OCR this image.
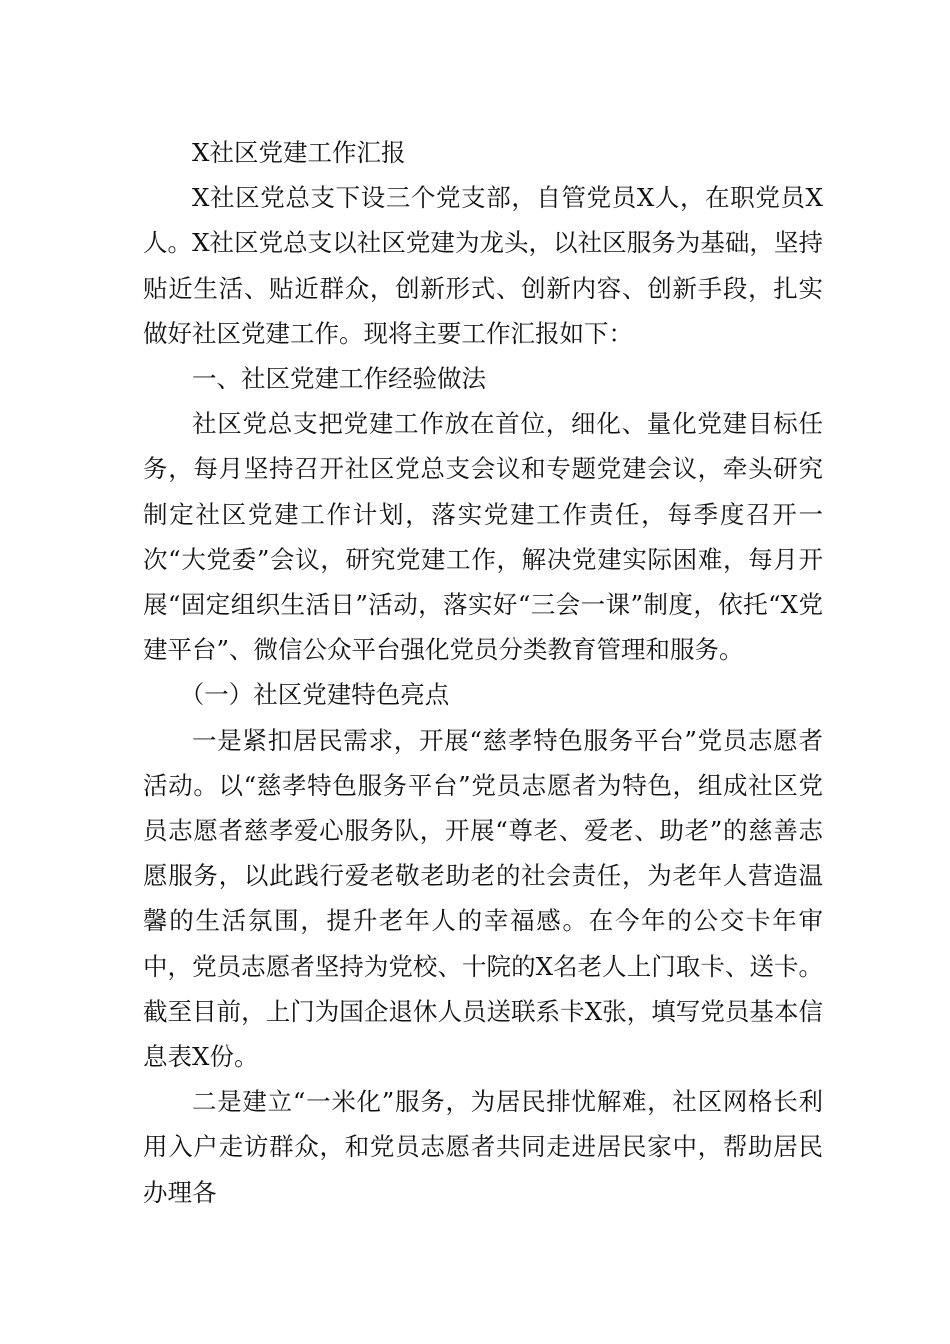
X社区党建工作汇报

X社区党总支下设三个党支部，自管党员X人，在职党员X人。X社区党总支以社区党建为龙头，以社区服务为基础，坚持贴近生活、贴近群众，创新形式、创新内容、创新手段，扎实做好社区党建工作。现将主要工作汇报如下：

一、社区党建工作经验做法

社区党总支把党建工作放在首位，细化、量化党建目标任务，每月坚持召开社区党总支会议和专题党建会议，牵头研究制定社区党建工作计划，落实党建工作责任，每季度召开一次“大党委”会议，研究党建工作，解决党建实际困难，每月开展“固定组织生活日”活动，落实好“三会一课”制度，依托“X党建平台”、微信公众平台强化党员分类教育管理和服务。

（一）社区党建特色亮点

一是紧扣居民需求，开展“慈孝特色服务平台”党员志愿者活动。以“慈孝特色服务平台”党员志愿者为特色，组成社区党员志愿者慈孝爱心服务队，开展“尊老、爱老、助老”的慈善志愿服务，以此践行爱老敬老助老的社会责任，为老年人营造温馨的生活氛围，提升老年人的幸福感。在今年的公交卡年审中，党员志愿者坚持为党校、十院的X名老人上门取卡、送卡。截至目前，上门为国企退休人员送联系卡X张，填写党员基本信息表X份。

二是建立“一米化”服务，为居民排忧解难，社区网格长利用入户走访群众，和党员志愿者共同走进居民家中，帮助居民办理各
